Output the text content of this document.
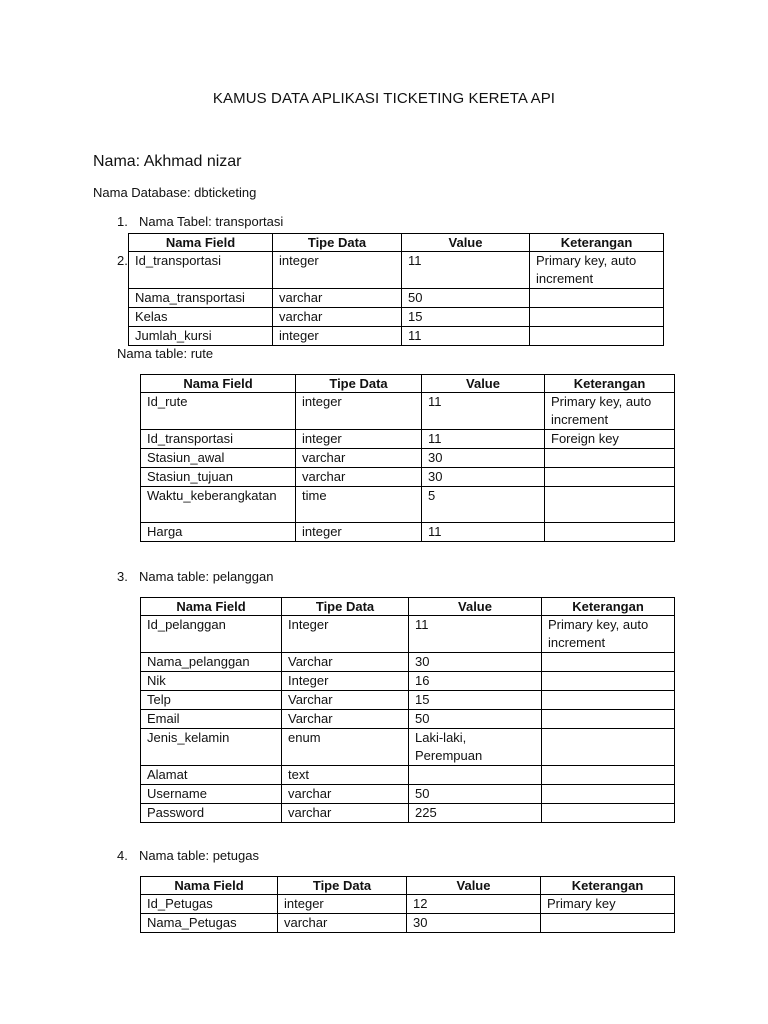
KAMUS DATA APLIKASI TICKETING KERETA API
Nama: Akhmad nizar
Nama Database: dbticketing
1. Nama Tabel: transportasi
Nama Field	Tipe Data	Value	Keterangan
Id_transportasi	integer	11	Primary key, auto increment
Nama_transportasi	varchar	50	
Kelas	varchar	15	
Jumlah_kursi	integer	11	
2.
Nama table: rute
Nama Field	Tipe Data	Value	Keterangan
Id_rute	integer	11	Primary key, auto increment
Id_transportasi	integer	11	Foreign key
Stasiun_awal	varchar	30	
Stasiun_tujuan	varchar	30	
Waktu_keberangkatan	time	5	
Harga	integer	11	
3. Nama table: pelanggan
Nama Field	Tipe Data	Value	Keterangan
Id_pelanggan	Integer	11	Primary key, auto increment
Nama_pelanggan	Varchar	30	
Nik	Integer	16	
Telp	Varchar	15	
Email	Varchar	50	
Jenis_kelamin	enum	Laki-laki, Perempuan	
Alamat	text		
Username	varchar	50	
Password	varchar	225	
4. Nama table: petugas
Nama Field	Tipe Data	Value	Keterangan
Id_Petugas	integer	12	Primary key
Nama_Petugas	varchar	30	
